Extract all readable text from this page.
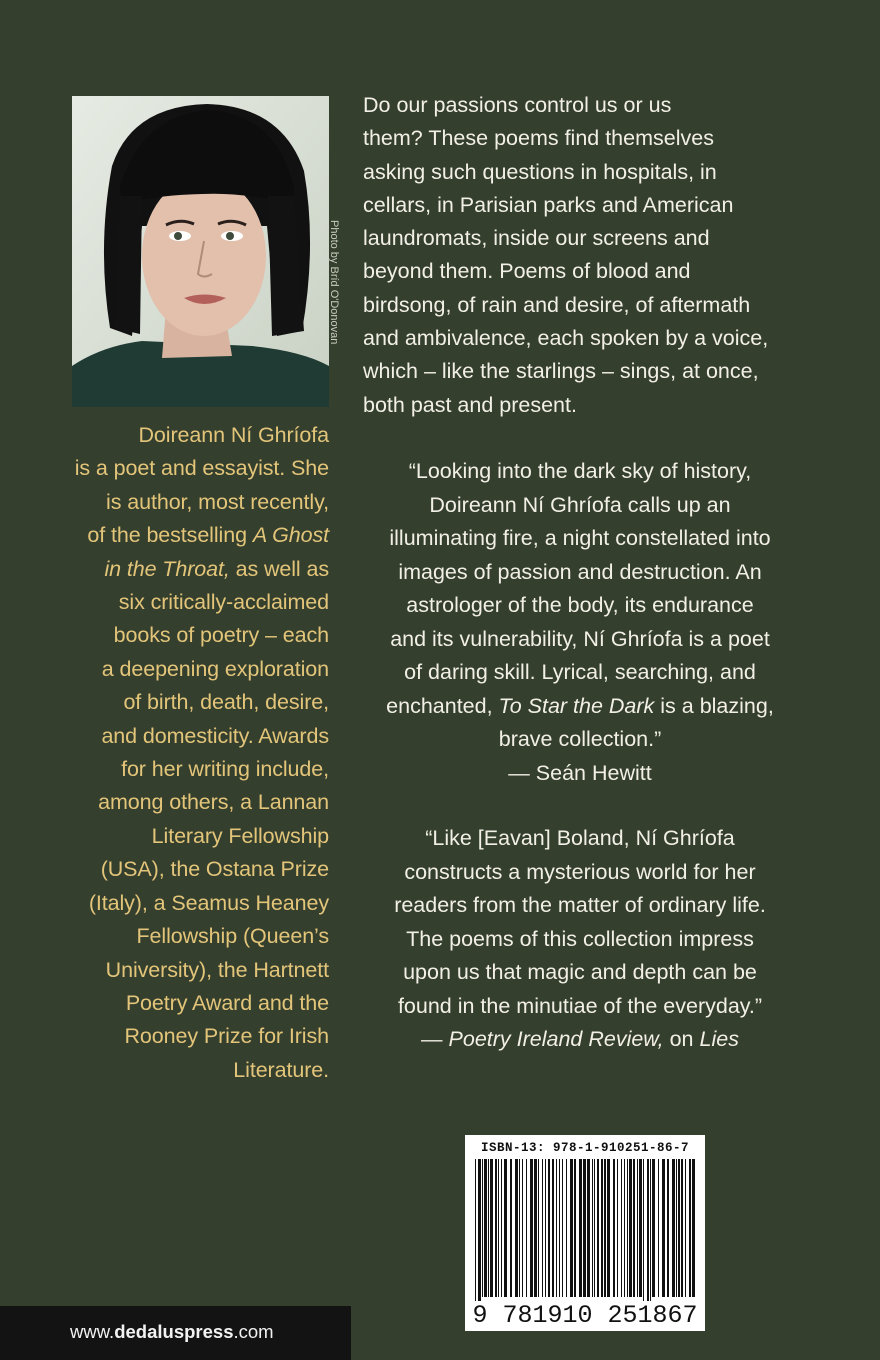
Photo by Bríd O'Donovan
Doireann Ní Ghríofa
is a poet and essayist. She
is author, most recently,
of the bestselling A Ghost
in the Throat, as well as
six critically-acclaimed
books of poetry – each
a deepening exploration
of birth, death, desire,
and domesticity. Awards
for her writing include,
among others, a Lannan
Literary Fellowship
(USA), the Ostana Prize
(Italy), a Seamus Heaney
Fellowship (Queen’s
University), the Hartnett
Poetry Award and the
Rooney Prize for Irish
Literature.
Do our passions control us or us
them? These poems find themselves
asking such questions in hospitals, in
cellars, in Parisian parks and American
laundromats, inside our screens and
beyond them. Poems of blood and
birdsong, of rain and desire, of aftermath
and ambivalence, each spoken by a voice,
which – like the starlings – sings, at once,
both past and present.
“Looking into the dark sky of history,
Doireann Ní Ghríofa calls up an
illuminating fire, a night constellated into
images of passion and destruction. An
astrologer of the body, its endurance
and its vulnerability, Ní Ghríofa is a poet
of daring skill. Lyrical, searching, and
enchanted, To Star the Dark is a blazing,
brave collection.”
— Seán Hewitt
“Like [Eavan] Boland, Ní Ghríofa
constructs a mysterious world for her
readers from the matter of ordinary life.
The poems of this collection impress
upon us that magic and depth can be
found in the minutiae of the everyday.”
— Poetry Ireland Review, on Lies
ISBN-13: 978-1-910251-86-7
9 781910 251867
www.dedaluspress.com
